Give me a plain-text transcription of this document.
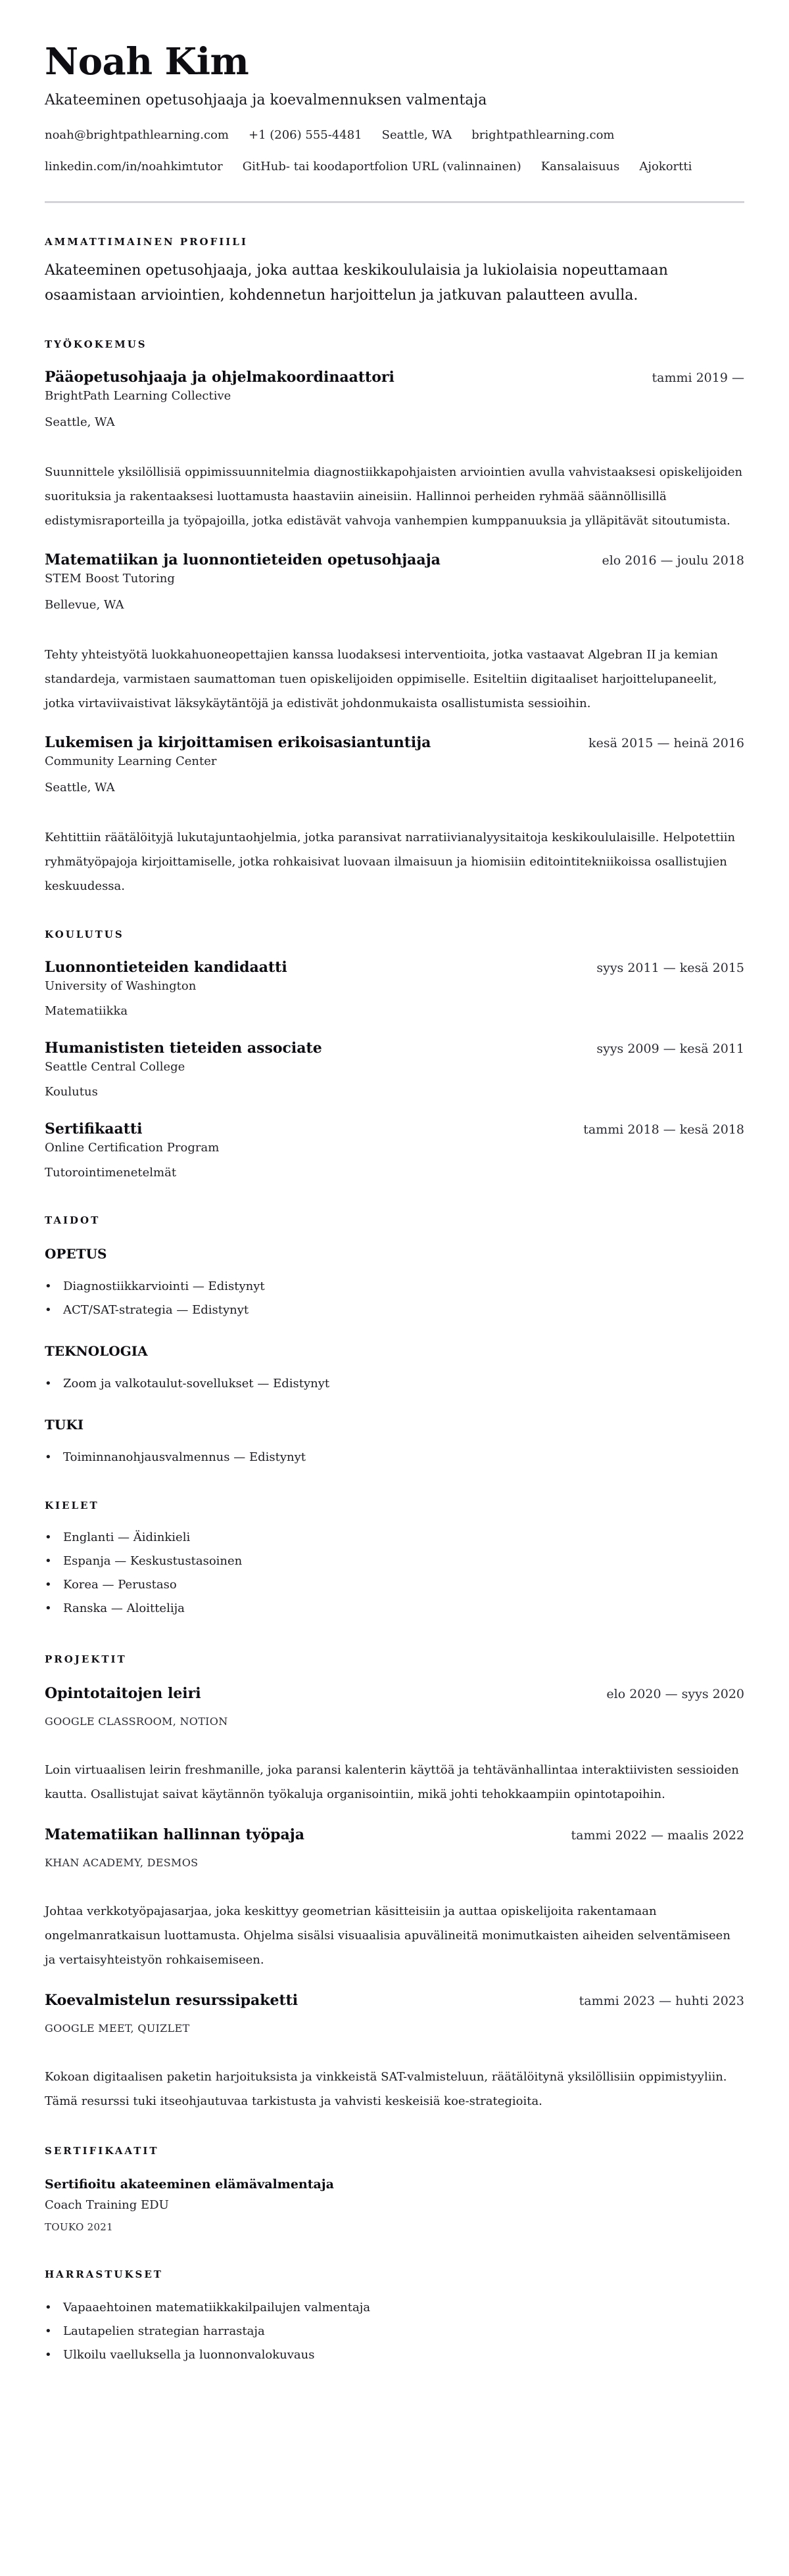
Noah Kim
Akateeminen opetusohjaaja ja koevalmennuksen valmentaja
noah@brightpathlearning.com +1 (206) 555-4481 Seattle, WA brightpathlearning.com
linkedin.com/in/noahkimtutor GitHub- tai koodaportfolion URL (valinnainen) Kansalaisuus Ajokortti
AMMATTIMAINEN PROFIILI

Akateeminen opetusohjaaja, joka auttaa keskikoululaisia ja lukiolaisia nopeuttamaan osaamistaan arviointien, kohdennetun harjoittelun ja jatkuvan palautteen avulla.

TYÖKOKEMUS
Pääopetusohjaaja ja ohjelmakoordinaattori	tammi 2019 —
BrightPath Learning Collective
Seattle, WA

Suunnittele yksilöllisiä oppimissuunnitelmia diagnostiikkapohjaisten arviointien avulla vahvistaaksesi opiskelijoiden suorituksia ja rakentaaksesi luottamusta haastaviin aineisiin. Hallinnoi perheiden ryhmää säännöllisillä edistymisraporteilla ja työpajoilla, jotka edistävät vahvoja vanhempien kumppanuuksia ja ylläpitävät sitoutumista.

Matematiikan ja luonnontieteiden opetusohjaaja	elo 2016 — joulu 2018
STEM Boost Tutoring
Bellevue, WA

Tehty yhteistyötä luokkahuoneopettajien kanssa luodaksesi interventioita, jotka vastaavat Algebran II ja kemian standardeja, varmistaen saumattoman tuen opiskelijoiden oppimiselle. Esiteltiin digitaaliset harjoittelupaneelit, jotka virtaviivaistivat läksykäytäntöjä ja edistivät johdonmukaista osallistumista sessioihin.

Lukemisen ja kirjoittamisen erikoisasiantuntija	kesä 2015 — heinä 2016
Community Learning Center
Seattle, WA

Kehtittiin räätälöityjä lukutajuntaohjelmia, jotka paransivat narratiivianalyysitaitoja keskikoululaisille. Helpotettiin ryhmätyöpajoja kirjoittamiselle, jotka rohkaisivat luovaan ilmaisuun ja hiomisiin editointitekniikoissa osallistujien keskuudessa.

KOULUTUS
Luonnontieteiden kandidaatti	syys 2011 — kesä 2015
University of Washington
Matematiikka
Humanististen tieteiden associate	syys 2009 — kesä 2011
Seattle Central College
Koulutus
Sertifikaatti	tammi 2018 — kesä 2018
Online Certification Program
Tutorointimenetelmät
TAIDOT
OPETUS
• Diagnostiikkarviointi — Edistynyt
• ACT/SAT-strategia — Edistynyt
TEKNOLOGIA
• Zoom ja valkotaulut-sovellukset — Edistynyt
TUKI
• Toiminnanohjausvalmennus — Edistynyt
KIELET
• Englanti — Äidinkieli
• Espanja — Keskustustasoinen
• Korea — Perustaso
• Ranska — Aloittelija
PROJEKTIT
Opintotaitojen leiri	elo 2020 — syys 2020
GOOGLE CLASSROOM, NOTION

Loin virtuaalisen leirin freshmanille, joka paransi kalenterin käyttöä ja tehtävänhallintaa interaktiivisten sessioiden kautta. Osallistujat saivat käytännön työkaluja organisointiin, mikä johti tehokkaampiin opintotapoihin.

Matematiikan hallinnan työpaja	tammi 2022 — maalis 2022
KHAN ACADEMY, DESMOS

Johtaa verkkotyöpajasarjaa, joka keskittyy geometrian käsitteisiin ja auttaa opiskelijoita rakentamaan ongelmanratkaisun luottamusta. Ohjelma sisälsi visuaalisia apuvälineitä monimutkaisten aiheiden selventämiseen ja vertaisyhteistyön rohkaisemiseen.

Koevalmistelun resurssipaketti	tammi 2023 — huhti 2023
GOOGLE MEET, QUIZLET

Kokoan digitaalisen paketin harjoituksista ja vinkkeistä SAT-valmisteluun, räätälöitynä yksilöllisiin oppimistyyliin. Tämä resurssi tuki itseohjautuvaa tarkistusta ja vahvisti keskeisiä koe-strategioita.

SERTIFIKAATIT
Sertifioitu akateeminen elämävalmentaja
Coach Training EDU
TOUKO 2021
HARRASTUKSET
• Vapaaehtoinen matematiikkakilpailujen valmentaja
• Lautapelien strategian harrastaja
• Ulkoilu vaelluksella ja luonnonvalokuvaus
